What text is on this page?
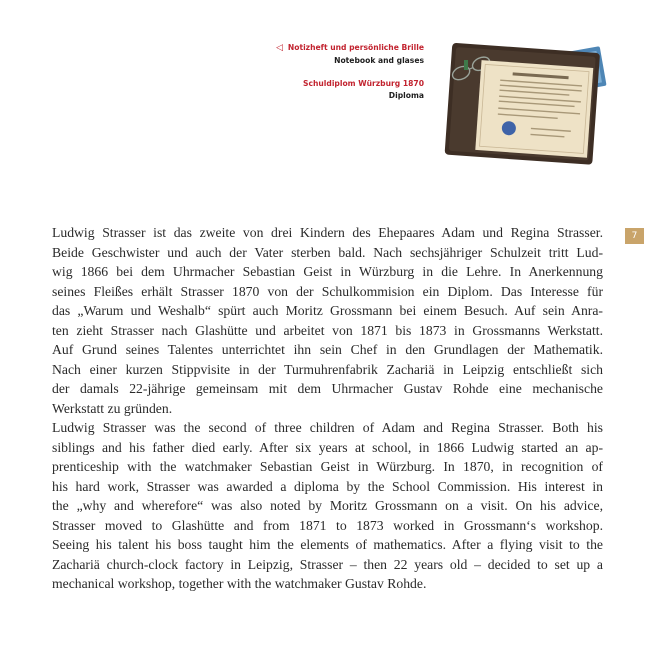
◁ Notizheft und persönliche Brille
Notebook and glases
Schuldiplom Würzburg 1870
Diploma
7
Ludwig Strasser ist das zweite von drei Kindern des Ehepaares Adam und Regina Strasser.
Beide Geschwister und auch der Vater sterben bald. Nach sechsjähriger Schulzeit tritt Lud-
wig 1866 bei dem Uhrmacher Sebastian Geist in Würzburg in die Lehre. In Anerkennung
seines Fleißes erhält Strasser 1870 von der Schulkommision ein Diplom. Das Interesse für
das „Warum und Weshalb“ spürt auch Moritz Grossmann bei einem Besuch. Auf sein Anra-
ten zieht Strasser nach Glashütte und arbeitet von 1871 bis 1873 in Grossmanns Werkstatt.
Auf Grund seines Talentes unterrichtet ihn sein Chef in den Grundlagen der Mathematik.
Nach einer kurzen Stippvisite in der Turmuhrenfabrik Zachariä in Leipzig entschließt sich
der damals 22-jährige gemeinsam mit dem Uhrmacher Gustav Rohde eine mechanische
Werkstatt zu gründen.
Ludwig Strasser was the second of three children of Adam and Regina Strasser. Both his
siblings and his father died early. After six years at school, in 1866 Ludwig started an ap-
prenticeship with the watchmaker Sebastian Geist in Würzburg. In 1870, in recognition of
his hard work, Strasser was awarded a diploma by the School Commission. His interest in
the „why and wherefore“ was also noted by Moritz Grossmann on a visit. On his advice,
Strasser moved to Glashütte and from 1871 to 1873 worked in Grossmann‘s workshop.
Seeing his talent his boss taught him the elements of mathematics. After a flying visit to the
Zachariä church-clock factory in Leipzig, Strasser – then 22 years old – decided to set up a
mechanical workshop, together with the watchmaker Gustav Rohde.
